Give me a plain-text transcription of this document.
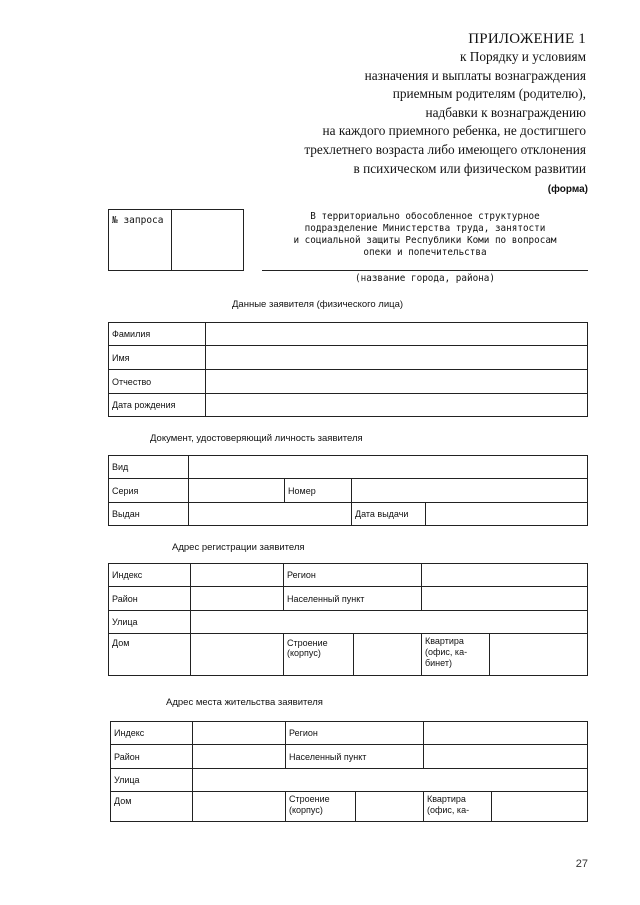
ПРИЛОЖЕНИЕ 1
к Порядку и условиям
назначения и выплаты вознаграждения
приемным родителям (родителю),
надбавки к вознаграждению
на каждого приемного ребенка, не достигшего
трехлетнего возраста либо имеющего отклонения
в психическом или физическом развитии
(форма)
№ запроса	В территориально обособленное структурное
подразделение Министерства труда, занятости
и социальной защиты Республики Коми по вопросам
опеки и попечительства
(название города, района)
Данные заявителя (физического лица)
Фамилия	
Имя	
Отчество	
Дата рождения	
Документ, удостоверяющий личность заявителя
Вид				
Серия		Номер		
Выдан			Дата выдачи	
Адрес регистрации заявителя
Индекс		Регион			
Район		Населенный пункт			
Улица					
Дом		Строение (корпус)		Квартира (офис, ка- бинет)	
Адрес места жительства заявителя
Индекс		Регион			
Район		Населенный пункт			
Улица					
Дом		Строение (корпус)		Квартира (офис, ка-	
27
